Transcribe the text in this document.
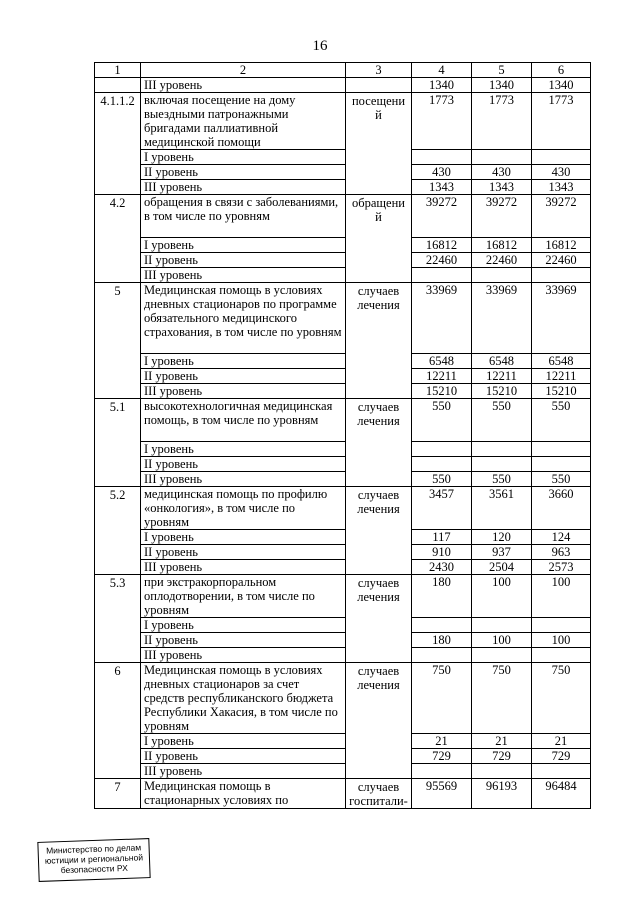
16
1	2	3	4	5	6
	III уровень		1340	1340	1340
4.1.1.2	включая посещение на дому выездными патронажными бригадами паллиативной медицинской помощи	посещений	1773	1773	1773
	I уровень				
	II уровень		430	430	430
	III уровень		1343	1343	1343
4.2	обращения в связи с заболеваниями, в том числе по уровням	обращений	39272	39272	39272
	I уровень		16812	16812	16812
	II уровень		22460	22460	22460
	III уровень				
5	Медицинская помощь в условиях дневных стационаров по программе обязательного медицинского страхования, в том числе по уровням	случаев лечения	33969	33969	33969
	I уровень		6548	6548	6548
	II уровень		12211	12211	12211
	III уровень		15210	15210	15210
5.1	высокотехнологичная медицинская помощь, в том числе по уровням	случаев лечения	550	550	550
	I уровень				
	II уровень				
	III уровень		550	550	550
5.2	медицинская помощь по профилю «онкология», в том числе по уровням	случаев лечения	3457	3561	3660
	I уровень		117	120	124
	II уровень		910	937	963
	III уровень		2430	2504	2573
5.3	при экстракорпоральном оплодотворении, в том числе по уровням	случаев лечения	180	100	100
	I уровень				
	II уровень		180	100	100
	III уровень				
6	Медицинская помощь в условиях дневных стационаров за счет средств республиканского бюджета Республики Хакасия, в том числе по уровням	случаев лечения	750	750	750
	I уровень		21	21	21
	II уровень		729	729	729
	III уровень				
7	Медицинская помощь в стационарных условиях по	случаев госпитали-	95569	96193	96484
Министерство по делам
юстиции и региональной
безопасности РХ
